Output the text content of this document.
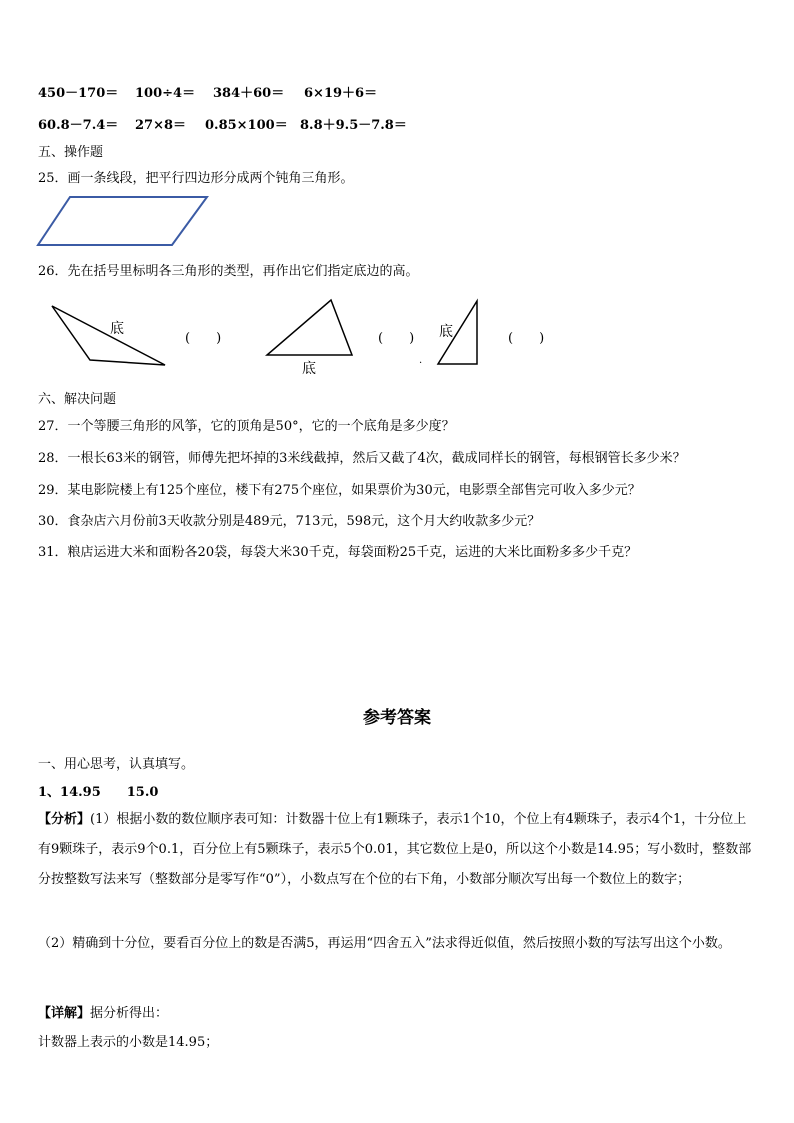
450－170＝ 100÷4＝ 384＋60＝ 6×19＋6＝
60.8－7.4＝ 27×8＝ 0.85×100＝ 8.8＋9.5－7.8＝
五、操作题
25．画一条线段，把平行四边形分成两个钝角三角形。
26．先在括号里标明各三角形的类型，再作出它们指定底边的高。
底
(　　)
底
(　　) 底
.
(　　)
六、解决问题
27．一个等腰三角形的风筝，它的顶角是50°，它的一个底角是多少度？
28．一根长63米的钢管，师傅先把坏掉的3米线截掉，然后又截了4次，截成同样长的钢管，每根钢管长多少米？
29．某电影院楼上有125个座位，楼下有275个座位，如果票价为30元，电影票全部售完可收入多少元？
30．食杂店六月份前3天收款分别是489元，713元，598元，这个月大约收款多少元？
31．粮店运进大米和面粉各20袋，每袋大米30千克，每袋面粉25千克，运进的大米比面粉多多少千克？
参考答案
一、用心思考，认真填写。
1、14.95　　15.0
【分析】(1）根据小数的数位顺序表可知：计数器十位上有1颗珠子，表示1个10，个位上有4颗珠子，表示4个1，十分位上有9颗珠子，表示9个0.1，百分位上有5颗珠子，表示5个0.01，其它数位上是0，所以这个小数是14.95；写小数时，整数部分按整数写法来写（整数部分是零写作“0”），小数点写在个位的右下角，小数部分顺次写出每一个数位上的数字；
（2）精确到十分位，要看百分位上的数是否满5，再运用“四舍五入”法求得近似值，然后按照小数的写法写出这个小数。
【详解】据分析得出：
计数器上表示的小数是14.95；
